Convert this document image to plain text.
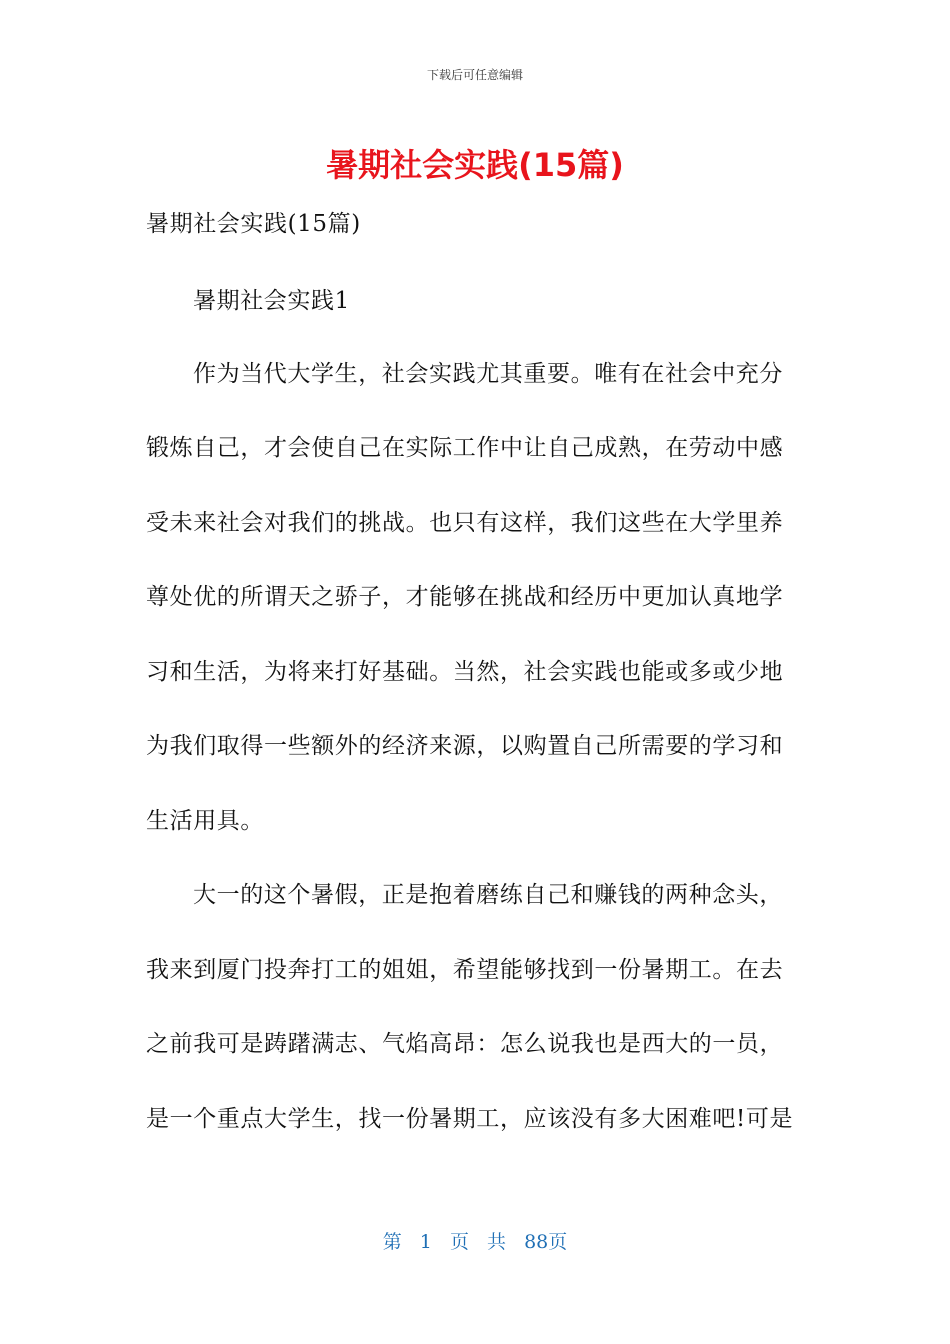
下载后可任意编辑
暑期社会实践(15篇)
暑期社会实践(15篇)
暑期社会实践1
作为当代大学生，社会实践尤其重要。唯有在社会中充分
锻炼自己，才会使自己在实际工作中让自己成熟，在劳动中感
受未来社会对我们的挑战。也只有这样，我们这些在大学里养
尊处优的所谓天之骄子，才能够在挑战和经历中更加认真地学
习和生活，为将来打好基础。当然，社会实践也能或多或少地
为我们取得一些额外的经济来源，以购置自己所需要的学习和
生活用具。
大一的这个暑假，正是抱着磨练自己和赚钱的两种念头，
我来到厦门投奔打工的姐姐，希望能够找到一份暑期工。在去
之前我可是踌躇满志、气焰高昂：怎么说我也是西大的一员，
是一个重点大学生，找一份暑期工，应该没有多大困难吧!可是
第 1 页 共 88页
